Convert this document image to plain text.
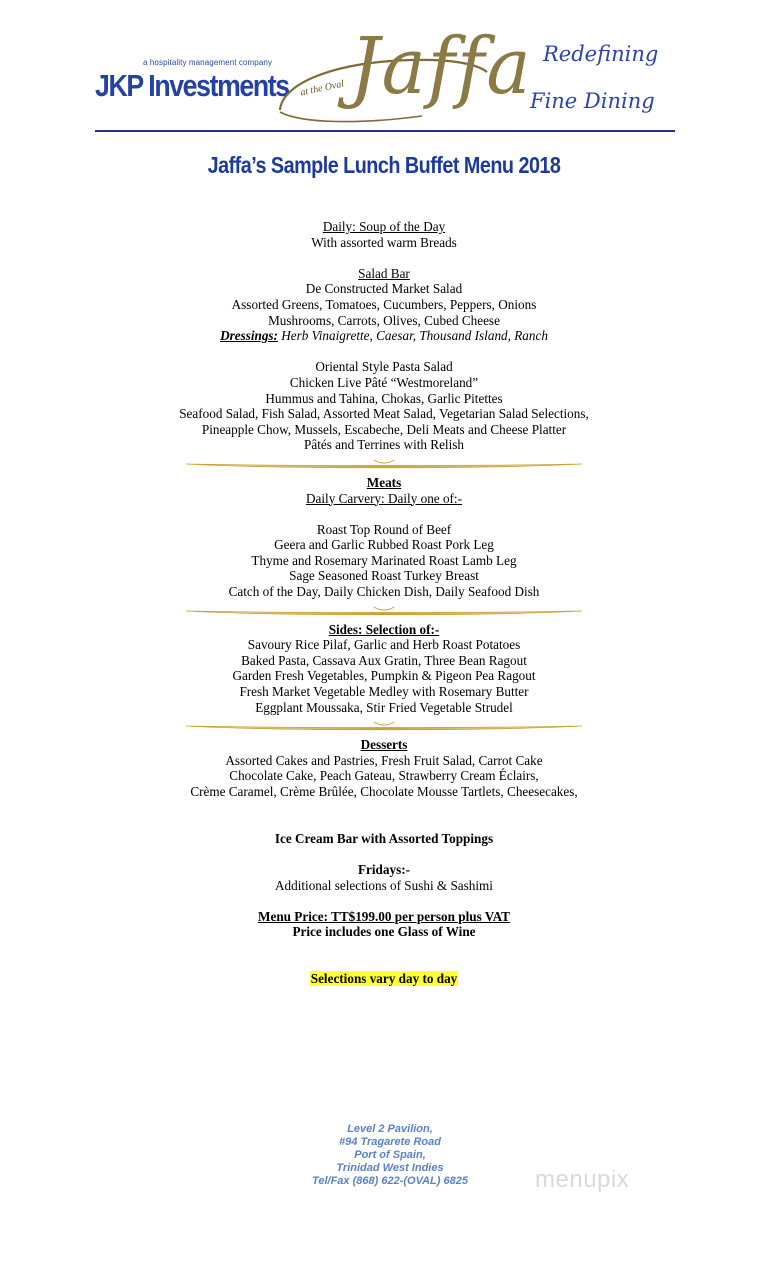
a hospitality management company
JKP Investments at the Oval Jaffa Redefining
Fine Dining
Jaffa’s Sample Lunch Buffet Menu 2018
Daily: Soup of the Day
With assorted warm Breads
Salad Bar
De Constructed Market Salad
Assorted Greens, Tomatoes, Cucumbers, Peppers, Onions
Mushrooms, Carrots, Olives, Cubed Cheese
Dressings: Herb Vinaigrette, Caesar, Thousand Island, Ranch
Oriental Style Pasta Salad
Chicken Live Pâté “Westmoreland”
Hummus and Tahina, Chokas, Garlic Pitettes
Seafood Salad, Fish Salad, Assorted Meat Salad, Vegetarian Salad Selections,
Pineapple Chow, Mussels, Escabeche, Deli Meats and Cheese Platter
Pâtés and Terrines with Relish
Meats
Daily Carvery: Daily one of:-
Roast Top Round of Beef
Geera and Garlic Rubbed Roast Pork Leg
Thyme and Rosemary Marinated Roast Lamb Leg
Sage Seasoned Roast Turkey Breast
Catch of the Day, Daily Chicken Dish, Daily Seafood Dish
Sides: Selection of:-
Savoury Rice Pilaf, Garlic and Herb Roast Potatoes
Baked Pasta, Cassava Aux Gratin, Three Bean Ragout
Garden Fresh Vegetables, Pumpkin & Pigeon Pea Ragout
Fresh Market Vegetable Medley with Rosemary Butter
Eggplant Moussaka, Stir Fried Vegetable Strudel
Desserts
Assorted Cakes and Pastries, Fresh Fruit Salad, Carrot Cake
Chocolate Cake, Peach Gateau, Strawberry Cream Éclairs,
Crème Caramel, Crème Brûlée, Chocolate Mousse Tartlets, Cheesecakes,
Ice Cream Bar with Assorted Toppings
Fridays:-
Additional selections of Sushi & Sashimi
Menu Price: TT$199.00 per person plus VAT
Price includes one Glass of Wine
Selections vary day to day
Level 2 Pavilion,
#94 Tragarete Road
Port of Spain,
Trinidad West Indies
Tel/Fax (868) 622-(OVAL) 6825	menupix
